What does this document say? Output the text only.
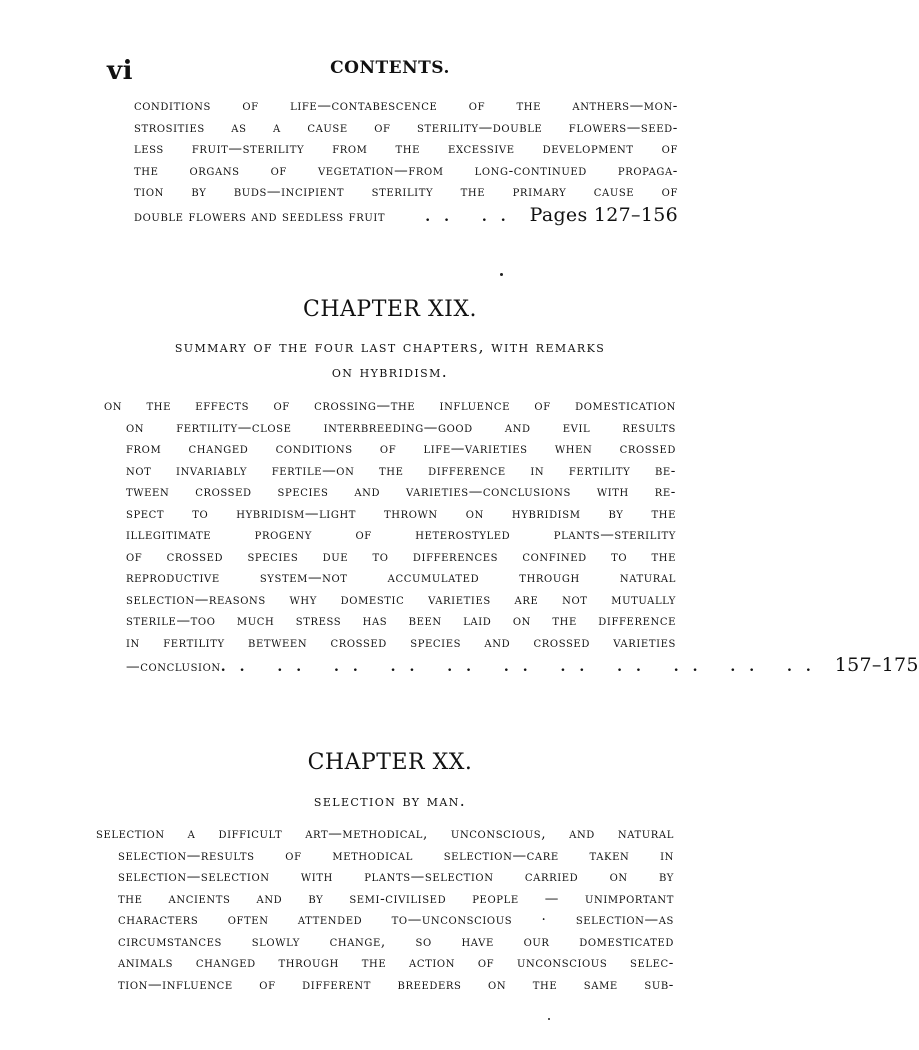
vi	CONTENTS.
conditions of life—contabescence of the anthers—mon-
strosities as a cause of sterility—double flowers—seed-
less fruit—sterility from the excessive development of
the organs of vegetation—from long-continued propaga-
tion by buds—incipient sterility the primary cause of
double flowers and seedless fruit	.. .. Pages 127–156
CHAPTER XIX.
summary of the four last chapters, with remarks
on hybridism.
on the effects of crossing—the influence of domestication
on fertility—close interbreeding—good and evil results
from changed conditions of life—varieties when crossed
not invariably fertile—on the difference in fertility be-
tween crossed species and varieties—conclusions with re-
spect to hybridism—light thrown on hybridism by the
illegitimate progeny of heterostyled plants—sterility
of crossed species due to differences confined to the
reproductive system—not accumulated through natural
selection—reasons why domestic varieties are not mutually
sterile—too much stress has been laid on the difference
in fertility between crossed species and crossed varieties
—conclusion .. .. .. .. .. .. .. .. .. .. .. 157–175
CHAPTER XX.
selection by man.
selection a difficult art—methodical, unconscious, and natural
selection—results of methodical selection—care taken in
selection—selection with plants—selection carried on by
the ancients and by semi-civilised people — unimportant
characters often attended to—unconscious · selection—as
circumstances slowly change, so have our domesticated
animals changed through the action of unconscious selec-
tion—influence of different breeders on the same sub-
